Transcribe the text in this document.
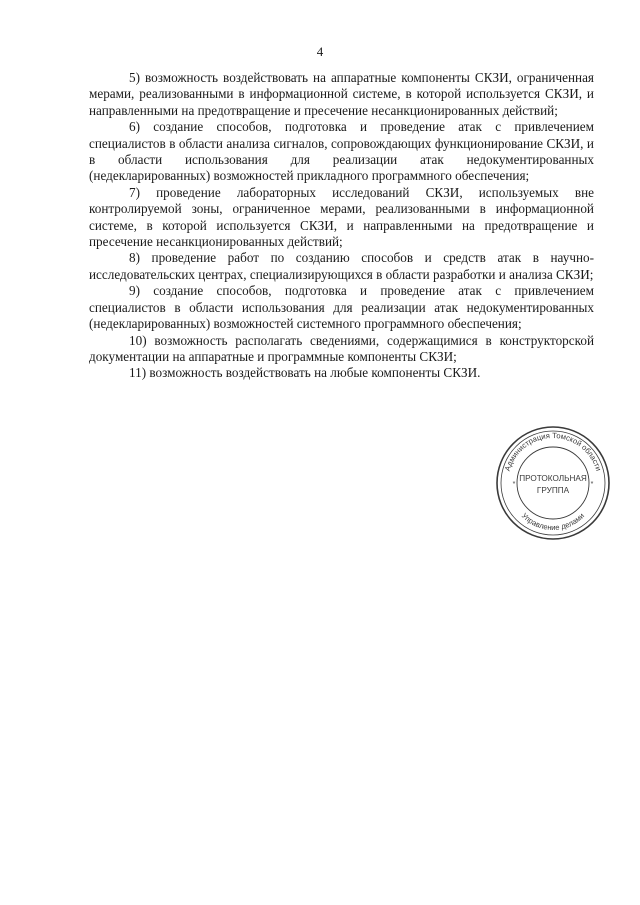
4

5) возможность воздействовать на аппаратные компоненты СКЗИ, ограниченная мерами, реализованными в информационной системе, в которой используется СКЗИ, и направленными на предотвращение и пресечение несанкционированных действий;

6) создание способов, подготовка и проведение атак с привлечением специалистов в области анализа сигналов, сопровождающих функционирование СКЗИ, и в области использования для реализации атак недокументированных (недекларированных) возможностей прикладного программного обеспечения;

7) проведение лабораторных исследований СКЗИ, используемых вне контролируемой зоны, ограниченное мерами, реализованными в информационной системе, в которой используется СКЗИ, и направленными на предотвращение и пресечение несанкционированных действий;

8) проведение работ по созданию способов и средств атак в научно-исследовательских центрах, специализирующихся в области разработки и анализа СКЗИ;

9) создание способов, подготовка и проведение атак с привлечением специалистов в области использования для реализации атак недокументированных (недекларированных) возможностей системного программного обеспечения;

10) возможность располагать сведениями, содержащимися в конструкторской документации на аппаратные и программные компоненты СКЗИ;

11) возможность воздействовать на любые компоненты СКЗИ.

Администрация Томской области
Управление делами
*	*
ПРОТОКОЛЬНАЯ
ГРУППА
